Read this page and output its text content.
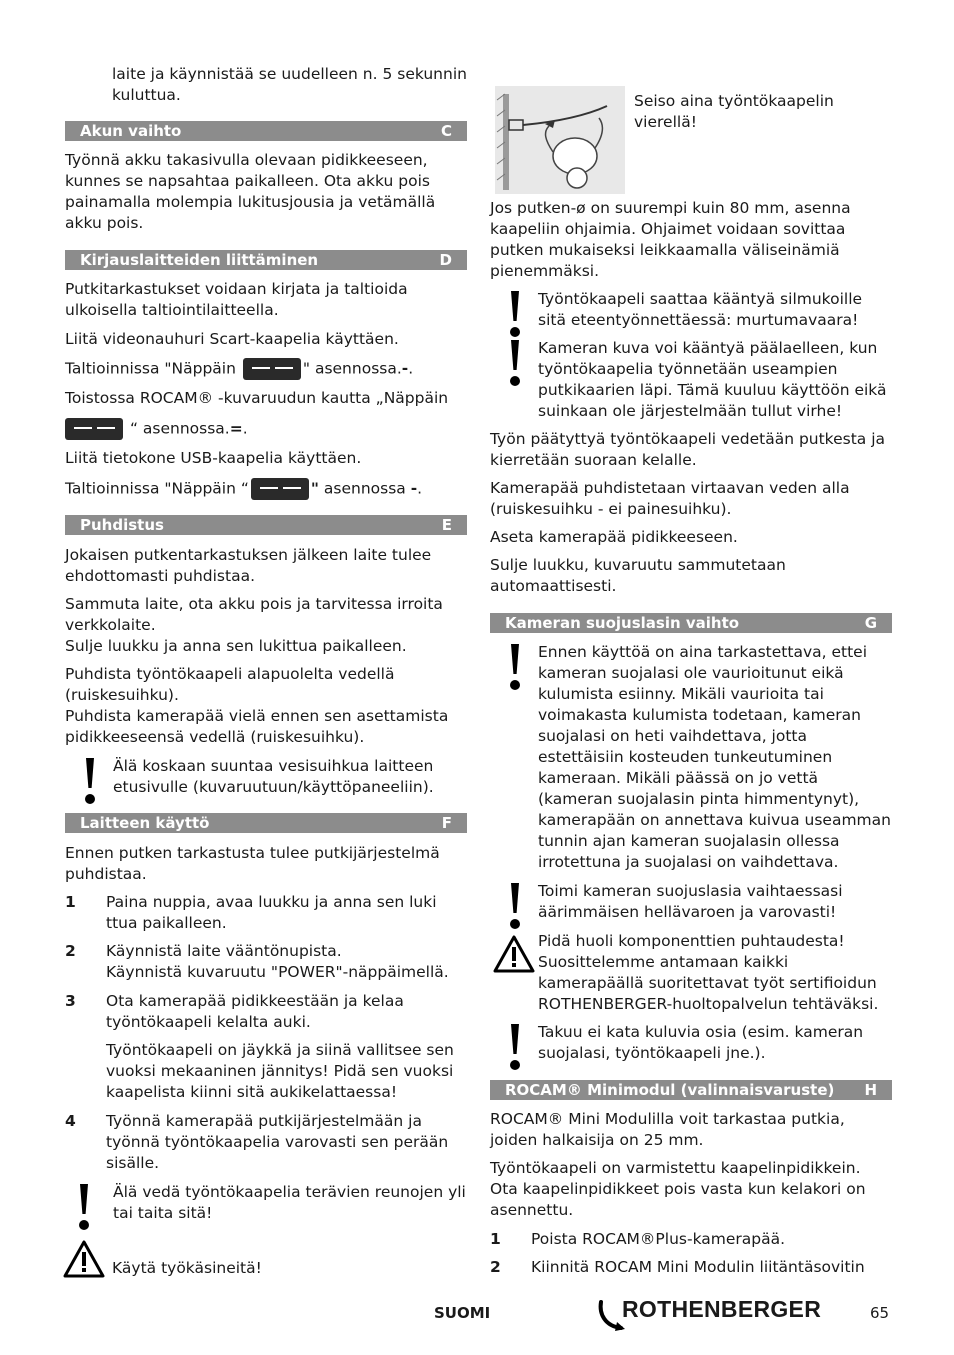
laite ja käynnistää se uudelleen n. 5 sekunnin kuluttua.

Akun vaihto	C

Työnnä akku takasivulla olevaan pidikkeeseen, kunnes se napsahtaa paikalleen. Ota akku pois painamalla molempia lukitusjousia ja vetämällä akku pois.

Kirjauslaitteiden liittäminen	D

Putkitarkastukset voidaan kirjata ja taltioida ulkoisella taltiointilaitteella.

Liitä videonauhuri Scart-kaapelia käyttäen.

Taltioinnissa "Näppäin	" asennossa.-.

Toistossa ROCAM® -kuvaruudun kautta „Näppäin

“ asennossa.=.

Liitä tietokone USB-kaapelia käyttäen.

Taltioinnissa "Näppäin “	" asennossa -.

Puhdistus	E

Jokaisen putkentarkastuksen jälkeen laite tulee ehdottomasti puhdistaa.

Sammuta laite, ota akku pois ja tarvitessa irroita verkkolaite.

Sulje luukku ja anna sen lukittua paikalleen.

Puhdista työntökaapeli alapuolelta vedellä (ruiskesuihku).

Puhdista kamerapää vielä ennen sen asettamista pidikkeeseensä vedellä (ruiskesuihku).

Älä koskaan suuntaa vesisuihkua laitteen etusivulle (kuvaruutuun/käyttöpaneeliin).
Laitteen käyttö	F

Ennen putken tarkastusta tulee putkijärjestelmä puhdistaa.

1 Paina nuppia, avaa luukku ja anna sen luki ttua paikalleen.
2 Käynnistä laite vääntönupista.
Käynnistä kuvaruutu "POWER"-näppäimellä.
3 Ota kamerapää pidikkeestään ja kelaa työntökaapeli kelalta auki.
Työntökaapeli on jäykkä ja siinä vallitsee sen vuoksi mekaaninen jännitys! Pidä sen vuoksi kaapelista kiinni sitä aukikelattaessa!
4 Työnnä kamerapää putkijärjestelmään ja työnnä työntökaapelia varovasti sen perään sisälle.
Älä vedä työntökaapelia terävien reunojen yli tai taita sitä!
Käytä työkäsineitä!

Seiso aina työntökaapelin vierellä!

Jos putken-ø on suurempi kuin 80 mm, asenna kaapeliin ohjaimia. Ohjaimet voidaan sovittaa putken mukaiseksi leikkaamalla väliseinämiä pienemmäksi.

Työntökaapeli saattaa kääntyä silmukoille sitä eteentyönnettäessä: murtumavaara!
Kameran kuva voi kääntyä päälaelleen, kun työntökaapelia työnnetään useampien putkikaarien läpi. Tämä kuuluu käyttöön eikä suinkaan ole järjestelmään tullut virhe!

Työn päätyttyä työntökaapeli vedetään putkesta ja kierretään suoraan kelalle.

Kamerapää puhdistetaan virtaavan veden alla (ruiskesuihku - ei painesuihku).

Aseta kamerapää pidikkeeseen.

Sulje luukku, kuvaruutu sammutetaan automaattisesti.

Kameran suojuslasin vaihto	G
Ennen käyttöä on aina tarkastettava, ettei kameran suojalasi ole vaurioitunut eikä kulumista esiinny. Mikäli vaurioita tai voimakasta kulumista todetaan, kameran suojalasi on heti vaihdettava, jotta estettäisiin kosteuden tunkeutuminen kameraan. Mikäli päässä on jo vettä (kameran suojalasin pinta himmentynyt), kamerapään on annettava kuivua useamman tunnin ajan kameran suojalasin ollessa irrotettuna ja suojalasi on vaihdettava.
Toimi kameran suojuslasia vaihtaessasi äärimmäisen hellävaroen ja varovasti!
Pidä huoli komponenttien puhtaudesta! Suosittelemme antamaan kaikki kamerapäällä suoritettavat työt sertifioidun ROTHENBERGER-huoltopalvelun tehtäväksi.
Takuu ei kata kuluvia osia (esim. kameran suojalasi, työntökaapeli jne.).
ROCAM® Minimodul (valinnaisvaruste) H

ROCAM® Mini Modulilla voit tarkastaa putkia, joiden halkaisija on 25 mm.

Työntökaapeli on varmistettu kaapelinpidikkein. Ota kaapelinpidikkeet pois vasta kun kelakori on asennettu.

1 Poista ROCAM®Plus-kamerapää.
2 Kiinnitä ROCAM Mini Modulin liitäntäsovitin
SUOMI	ROTHENBERGER	65
